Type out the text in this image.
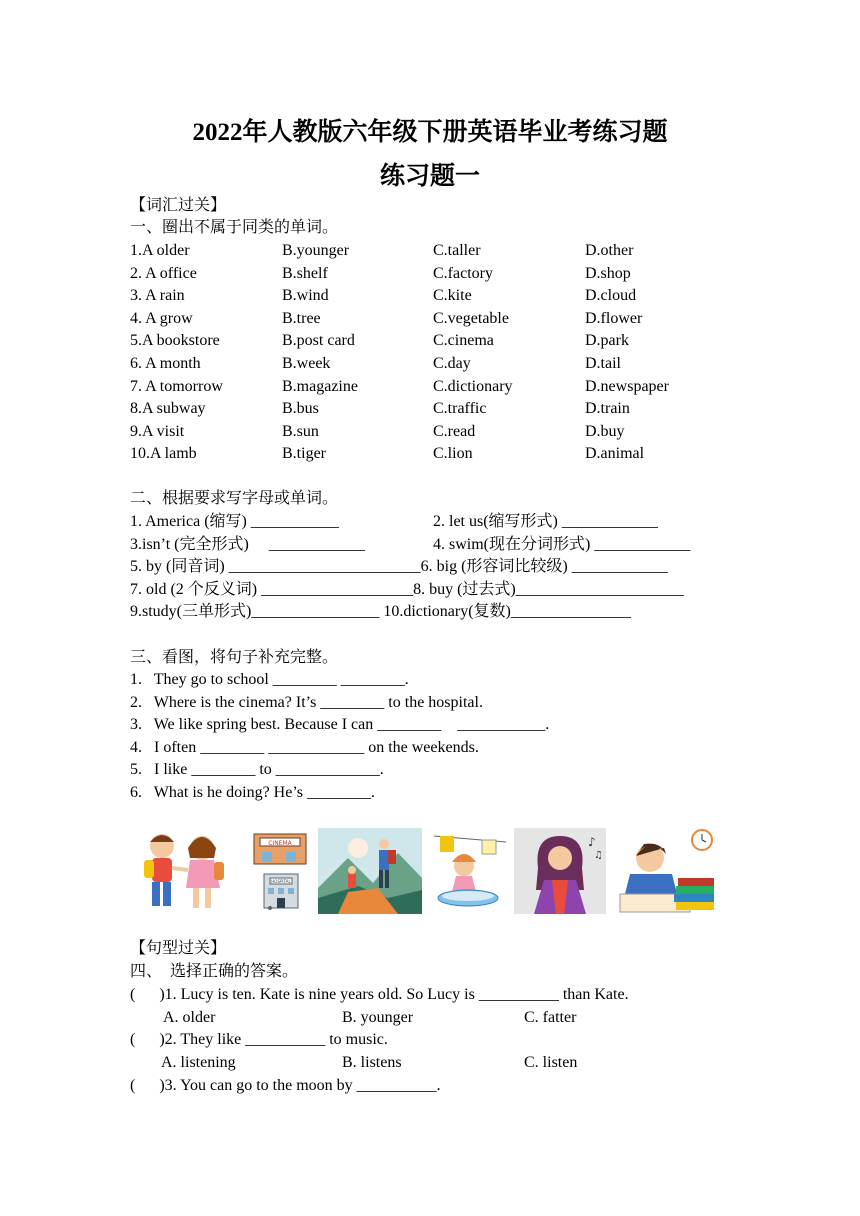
2022年人教版六年级下册英语毕业考练习题
练习题一
【词汇过关】
一、圈出不属于同类的单词。
1.A older	B.younger	C.taller	D.other
2. A office	B.shelf	C.factory	D.shop
3. A rain	B.wind	C.kite	D.cloud
4. A grow	B.tree	C.vegetable	D.flower
5.A bookstore	B.post card	C.cinema	D.park
6. A month	B.week	C.day	D.tail
7. A tomorrow	B.magazine	C.dictionary	D.newspaper
8.A subway	B.bus	C.traffic	D.train
9.A visit	B.sun	C.read	D.buy
10.A lamb	B.tiger	C.lion	D.animal
二、根据要求写字母或单词。
1. America (缩写) ___________	2. let us(缩写形式) ____________
3.isn’t (完全形式)     ____________	4. swim(现在分词形式) ____________
5. by (同音词) ________________________6. big (形容词比较级) ____________
7. old (2 个反义词) ___________________8. buy (过去式)_____________________
9.study(三单形式)________________ 10.dictionary(复数)_______________
三、看图，将句子补充完整。
1.   They go to school ________ ________.
2.   Where is the cinema? It’s ________ to the hospital.
3.   We like spring best. Because I can ________    ___________.
4.   I often ________ ____________ on the weekends.
5.   I like ________ to _____________.
6.   What is he doing? He’s ________.
CINEMA
HOSPITAL
♪
♫
【句型过关】
四、  选择正确的答案。
(      )1. Lucy is ten. Kate is nine years old. So Lucy is __________ than Kate.
A. older	B. younger	C. fatter
(      )2. They like __________ to music.
A. listening	B. listens	C. listen
(      )3. You can go to the moon by __________.
